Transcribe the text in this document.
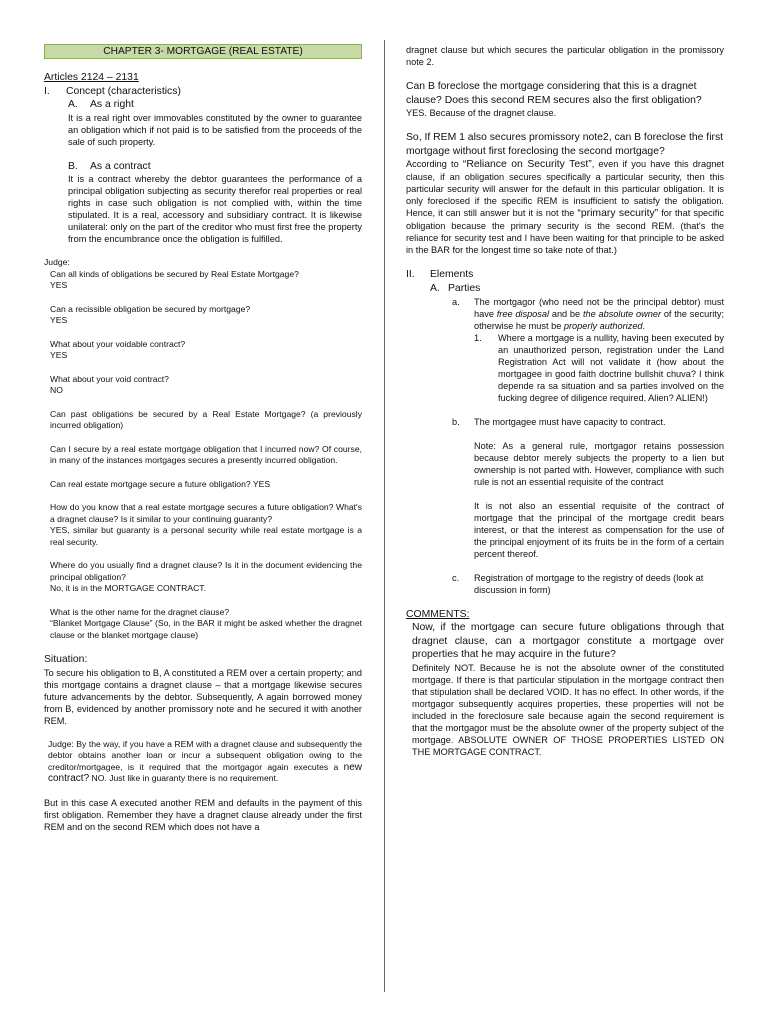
CHAPTER 3- MORTGAGE (REAL ESTATE)

Articles 2124 – 2131

I.	Concept (characteristics)
A.	As a right

It is a real right over immovables constituted by the owner to guarantee an obligation which if not paid is to be satisfied from the proceeds of the sale of such property.

B.	As a contract

It is a contract whereby the debtor guarantees the performance of a principal obligation subjecting as security therefor real properties or real rights in case such obligation is not complied with, within the time stipulated. It is a real, accessory and subsidiary contract. It is likewise unilateral: only on the part of the creditor who must first free the property from the encumbrance once the obligation is fulfilled.

Judge:

Can all kinds of obligations be secured by Real Estate Mortgage?

YES

Can a recissible obligation be secured by mortgage?

YES

What about your voidable contract?

YES

What about your void contract?

NO

Can past obligations be secured by a Real Estate Mortgage? (a previously incurred obligation)

Can I secure by a real estate mortgage obligation that I incurred now? Of course, in many of the instances mortgages secures a presently incurred obligation.

Can real estate mortgage secure a future obligation? YES

How do you know that a real estate mortgage secures a future obligation? What's a dragnet clause? Is it similar to your continuing guaranty?

YES, similar but guaranty is a personal security while real estate mortgage is a real security.

Where do you usually find a dragnet clause? Is it in the document evidencing the principal obligation?

No, it is in the MORTGAGE CONTRACT.

What is the other name for the dragnet clause?

“Blanket Mortgage Clause” (So, in the BAR it might be asked whether the dragnet clause or the blanket mortgage clause)

Situation:

To secure his obligation to B, A constituted a REM over a certain property; and this mortgage contains a dragnet clause – that a mortgage likewise secures future advancements by the debtor. Subsequently, A again borrowed money from B, evidenced by another promissory note and he secured it with another REM.

Judge: By the way, if you have a REM with a dragnet clause and subsequently the debtor obtains another loan or incur a subsequent obligation owing to the creditor/mortgagee, is it required that the mortgagor again executes a new contract? NO. Just like in guaranty there is no requirement.

But in this case A executed another REM and defaults in the payment of this first obligation. Remember they have a dragnet clause already under the first REM and on the second REM which does not have a

dragnet clause but which secures the particular obligation in the promissory note 2.

Can B foreclose the mortgage considering that this is a dragnet clause? Does this second REM secures also the first obligation?

YES. Because of the dragnet clause.

So, If REM 1 also secures promissory note2, can B foreclose the first mortgage without first foreclosing the second mortgage?

According to “Reliance on Security Test”, even if you have this dragnet clause, if an obligation secures specifically a particular security, then this particular security will answer for the default in this particular obligation. It is only foreclosed if the specific REM is insufficient to satisfy the obligation. Hence, it can still answer but it is not the “primary security” for that specific obligation because the primary security is the second REM. (that's the reliance for security test and I have been waiting for that principle to be asked in the BAR for the longest time so take note of that.)

II.	Elements
A. Parties
a.	The mortgagor (who need not be the principal debtor) must have free disposal and be the absolute owner of the security; otherwise he must be properly authorized.

1.	Where a mortgage is a nullity, having been executed by an unauthorized person, registration under the Land Registration Act will not validate it (how about the mortgagee in good faith doctrine bullshit chuva? I think depende ra sa situation and sa parties involved on the fucking degree of diligence required. Alien? ALIEN!)

b.	The mortgagee must have capacity to contract.

Note: As a general rule, mortgagor retains possession because debtor merely subjects the property to a lien but ownership is not parted with. However, compliance with such rule is not an essential requisite of the contract

It is not also an essential requisite of the contract of mortgage that the principal of the mortgage credit bears interest, or that the interest as compensation for the use of the principal enjoyment of its fruits be in the form of a certain percent thereof.

c.	Registration of mortgage to the registry of deeds (look at discussion in form)

COMMENTS:

Now, if the mortgage can secure future obligations through that dragnet clause, can a mortgagor constitute a mortgage over properties that he may acquire in the future?

Definitely NOT. Because he is not the absolute owner of the constituted mortgage. If there is that particular stipulation in the mortgage contract then that stipulation shall be declared VOID. It has no effect. In other words, if the mortgagor subsequently acquires properties, these properties will not be included in the foreclosure sale because again the second requirement is that the mortgagor must be the absolute owner of the property subject of the mortgage. ABSOLUTE OWNER OF THOSE PROPERTIES LISTED ON THE MORTGAGE CONTRACT.
